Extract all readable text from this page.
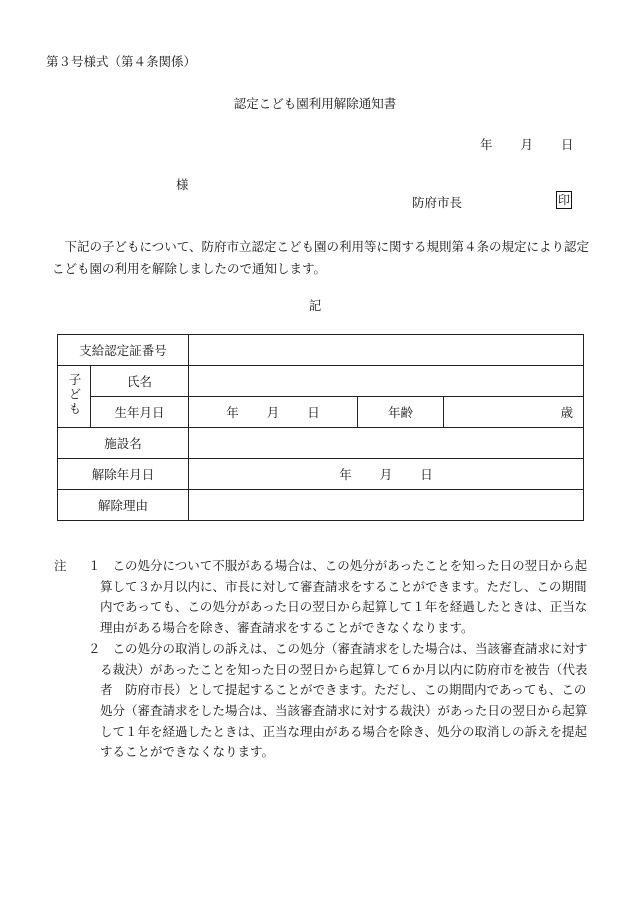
第３号様式（第４条関係）
認定こども園利用解除通知書
年 月 日
様
防府市長	印
下記の子どもについて、防府市立認定こども園の利用等に関する規則第４条の規定により認定こども園の利用を解除しましたので通知します。
記
支給認定証番号				
子ども	氏名			
	生年月日	年 月 日	年齢	歳
施設名				
解除年月日		年 月 日		
解除理由				
注 １ この処分について不服がある場合は、この処分があったことを知った日の翌日から起算して３か月以内に、市長に対して審査請求をすることができます。ただし、この期間内であっても、この処分があった日の翌日から起算して１年を経過したときは、正当な理由がある場合を除き、審査請求をすることができなくなります。
２ この処分の取消しの訴えは、この処分（審査請求をした場合は、当該審査請求に対する裁決）があったことを知った日の翌日から起算して６か月以内に防府市を被告（代表者　防府市長）として提起することができます。ただし、この期間内であっても、この処分（審査請求をした場合は、当該審査請求に対する裁決）があった日の翌日から起算して１年を経過したときは、正当な理由がある場合を除き、処分の取消しの訴えを提起することができなくなります。
